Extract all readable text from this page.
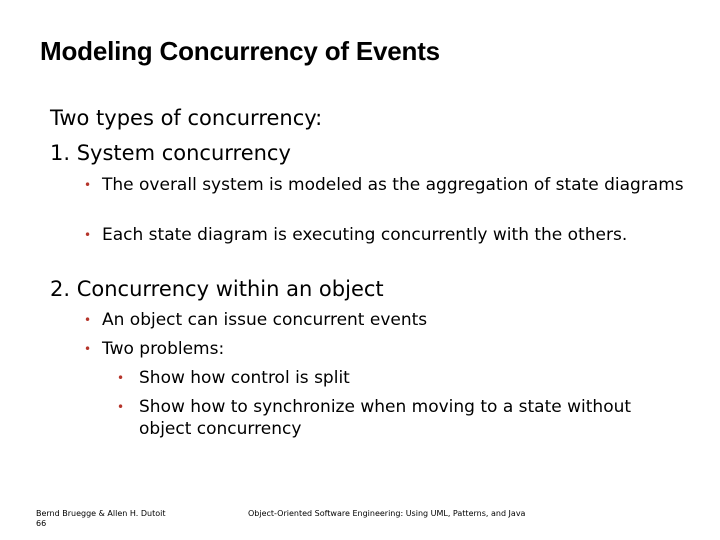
Modeling Concurrency of Events
Two types of concurrency:
1. System concurrency
• The overall system is modeled as the aggregation of state diagrams
• Each state diagram is executing concurrently with the others.
2. Concurrency within an object
• An object can issue concurrent events
• Two problems:
• Show how control is split
• Show how to synchronize when moving to a state without object concurrency
Bernd Bruegge & Allen H. Dutoit
66
Object-Oriented Software Engineering: Using UML, Patterns, and Java
